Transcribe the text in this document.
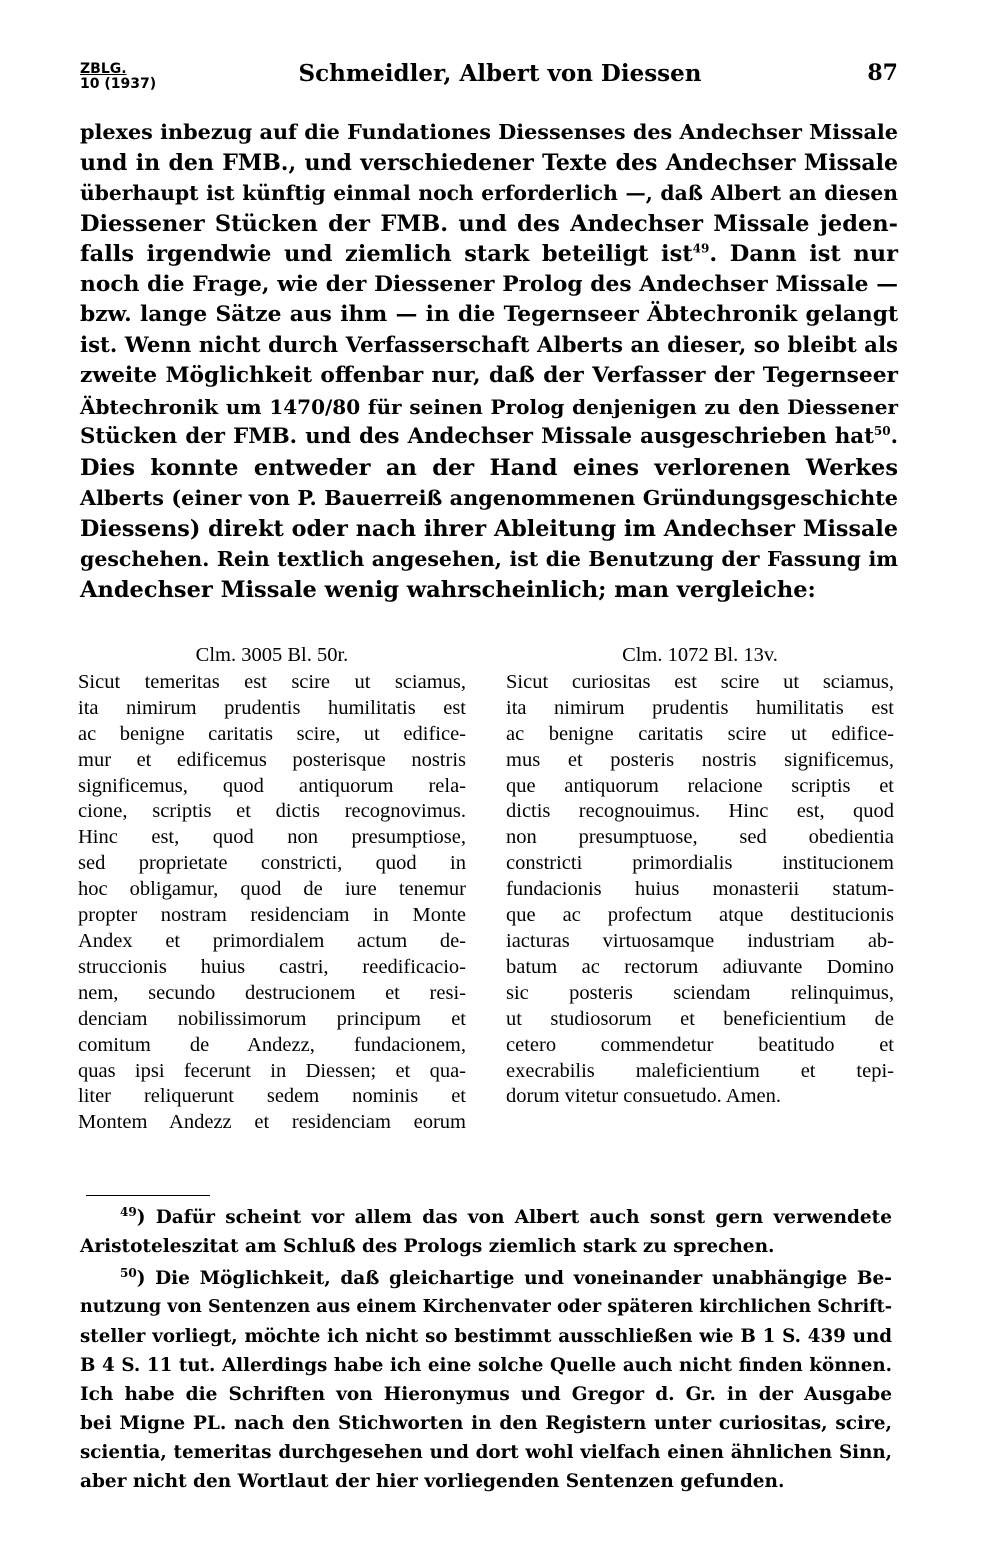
ZBLG.
10 (1937)	Schmeidler, Albert von Diessen	87
plexes inbezug auf die Fundationes Diessenses des Andechser Missale
und in den FMB., und verschiedener Texte des Andechser Missale
überhaupt ist künftig einmal noch erforderlich —, daß Albert an diesen
Diessener Stücken der FMB. und des Andechser Missale jeden-
falls irgendwie und ziemlich stark beteiligt ist$^{49}$. Dann ist nur
noch die Frage, wie der Diessener Prolog des Andechser Missale —
bzw. lange Sätze aus ihm — in die Tegernseer Äbtechronik gelangt
ist. Wenn nicht durch Verfasserschaft Alberts an dieser, so bleibt als
zweite Möglichkeit offenbar nur, daß der Verfasser der Tegernseer
Äbtechronik um 1470/80 für seinen Prolog denjenigen zu den Diessener
Stücken der FMB. und des Andechser Missale ausgeschrieben hat$^{50}$.
Dies konnte entweder an der Hand eines verlorenen Werkes
Alberts (einer von P. Bauerreiß angenommenen Gründungsgeschichte
Diessens) direkt oder nach ihrer Ableitung im Andechser Missale
geschehen. Rein textlich angesehen, ist die Benutzung der Fassung im
Andechser Missale wenig wahrscheinlich; man vergleiche:
Clm. 3005 Bl. 50r.
Sicut temeritas est scire ut sciamus,
ita nimirum prudentis humilitatis est
ac benigne caritatis scire, ut edifice-
mur et edificemus posterisque nostris
significemus, quod antiquorum rela-
cione, scriptis et dictis recognovimus.
Hinc est, quod non presumptiose,
sed proprietate constricti, quod in
hoc obligamur, quod de iure tenemur
propter nostram residenciam in Monte
Andex et primordialem actum de-
struccionis huius castri, reedificacio-
nem, secundo destrucionem et resi-
denciam nobilissimorum principum et
comitum de Andezz, fundacionem,
quas ipsi fecerunt in Diessen; et qua-
liter reliquerunt sedem nominis et
Montem Andezz et residenciam eorum
Clm. 1072 Bl. 13v.
Sicut curiositas est scire ut sciamus,
ita nimirum prudentis humilitatis est
ac benigne caritatis scire ut edifice-
mus et posteris nostris significemus,
que antiquorum relacione scriptis et
dictis recognouimus. Hinc est, quod
non presumptuose, sed obedientia
constricti primordialis institucionem
fundacionis huius monasterii statum-
que ac profectum atque destitucionis
iacturas virtuosamque industriam ab-
batum ac rectorum adiuvante Domino
sic posteris sciendam relinquimus,
ut studiosorum et beneficientium de
cetero commendetur beatitudo et
execrabilis maleficientium et tepi-
dorum vitetur consuetudo. Amen.
$^{49}$) Dafür scheint vor allem das von Albert auch sonst gern verwendete
Aristoteleszitat am Schluß des Prologs ziemlich stark zu sprechen.
$^{50}$) Die Möglichkeit, daß gleichartige und voneinander unabhängige Be-
nutzung von Sentenzen aus einem Kirchenvater oder späteren kirchlichen Schrift-
steller vorliegt, möchte ich nicht so bestimmt ausschließen wie B 1 S. 439 und
B 4 S. 11 tut. Allerdings habe ich eine solche Quelle auch nicht finden können.
Ich habe die Schriften von Hieronymus und Gregor d. Gr. in der Ausgabe
bei Migne PL. nach den Stichworten in den Registern unter curiositas, scire,
scientia, temeritas durchgesehen und dort wohl vielfach einen ähnlichen Sinn,
aber nicht den Wortlaut der hier vorliegenden Sentenzen gefunden.
